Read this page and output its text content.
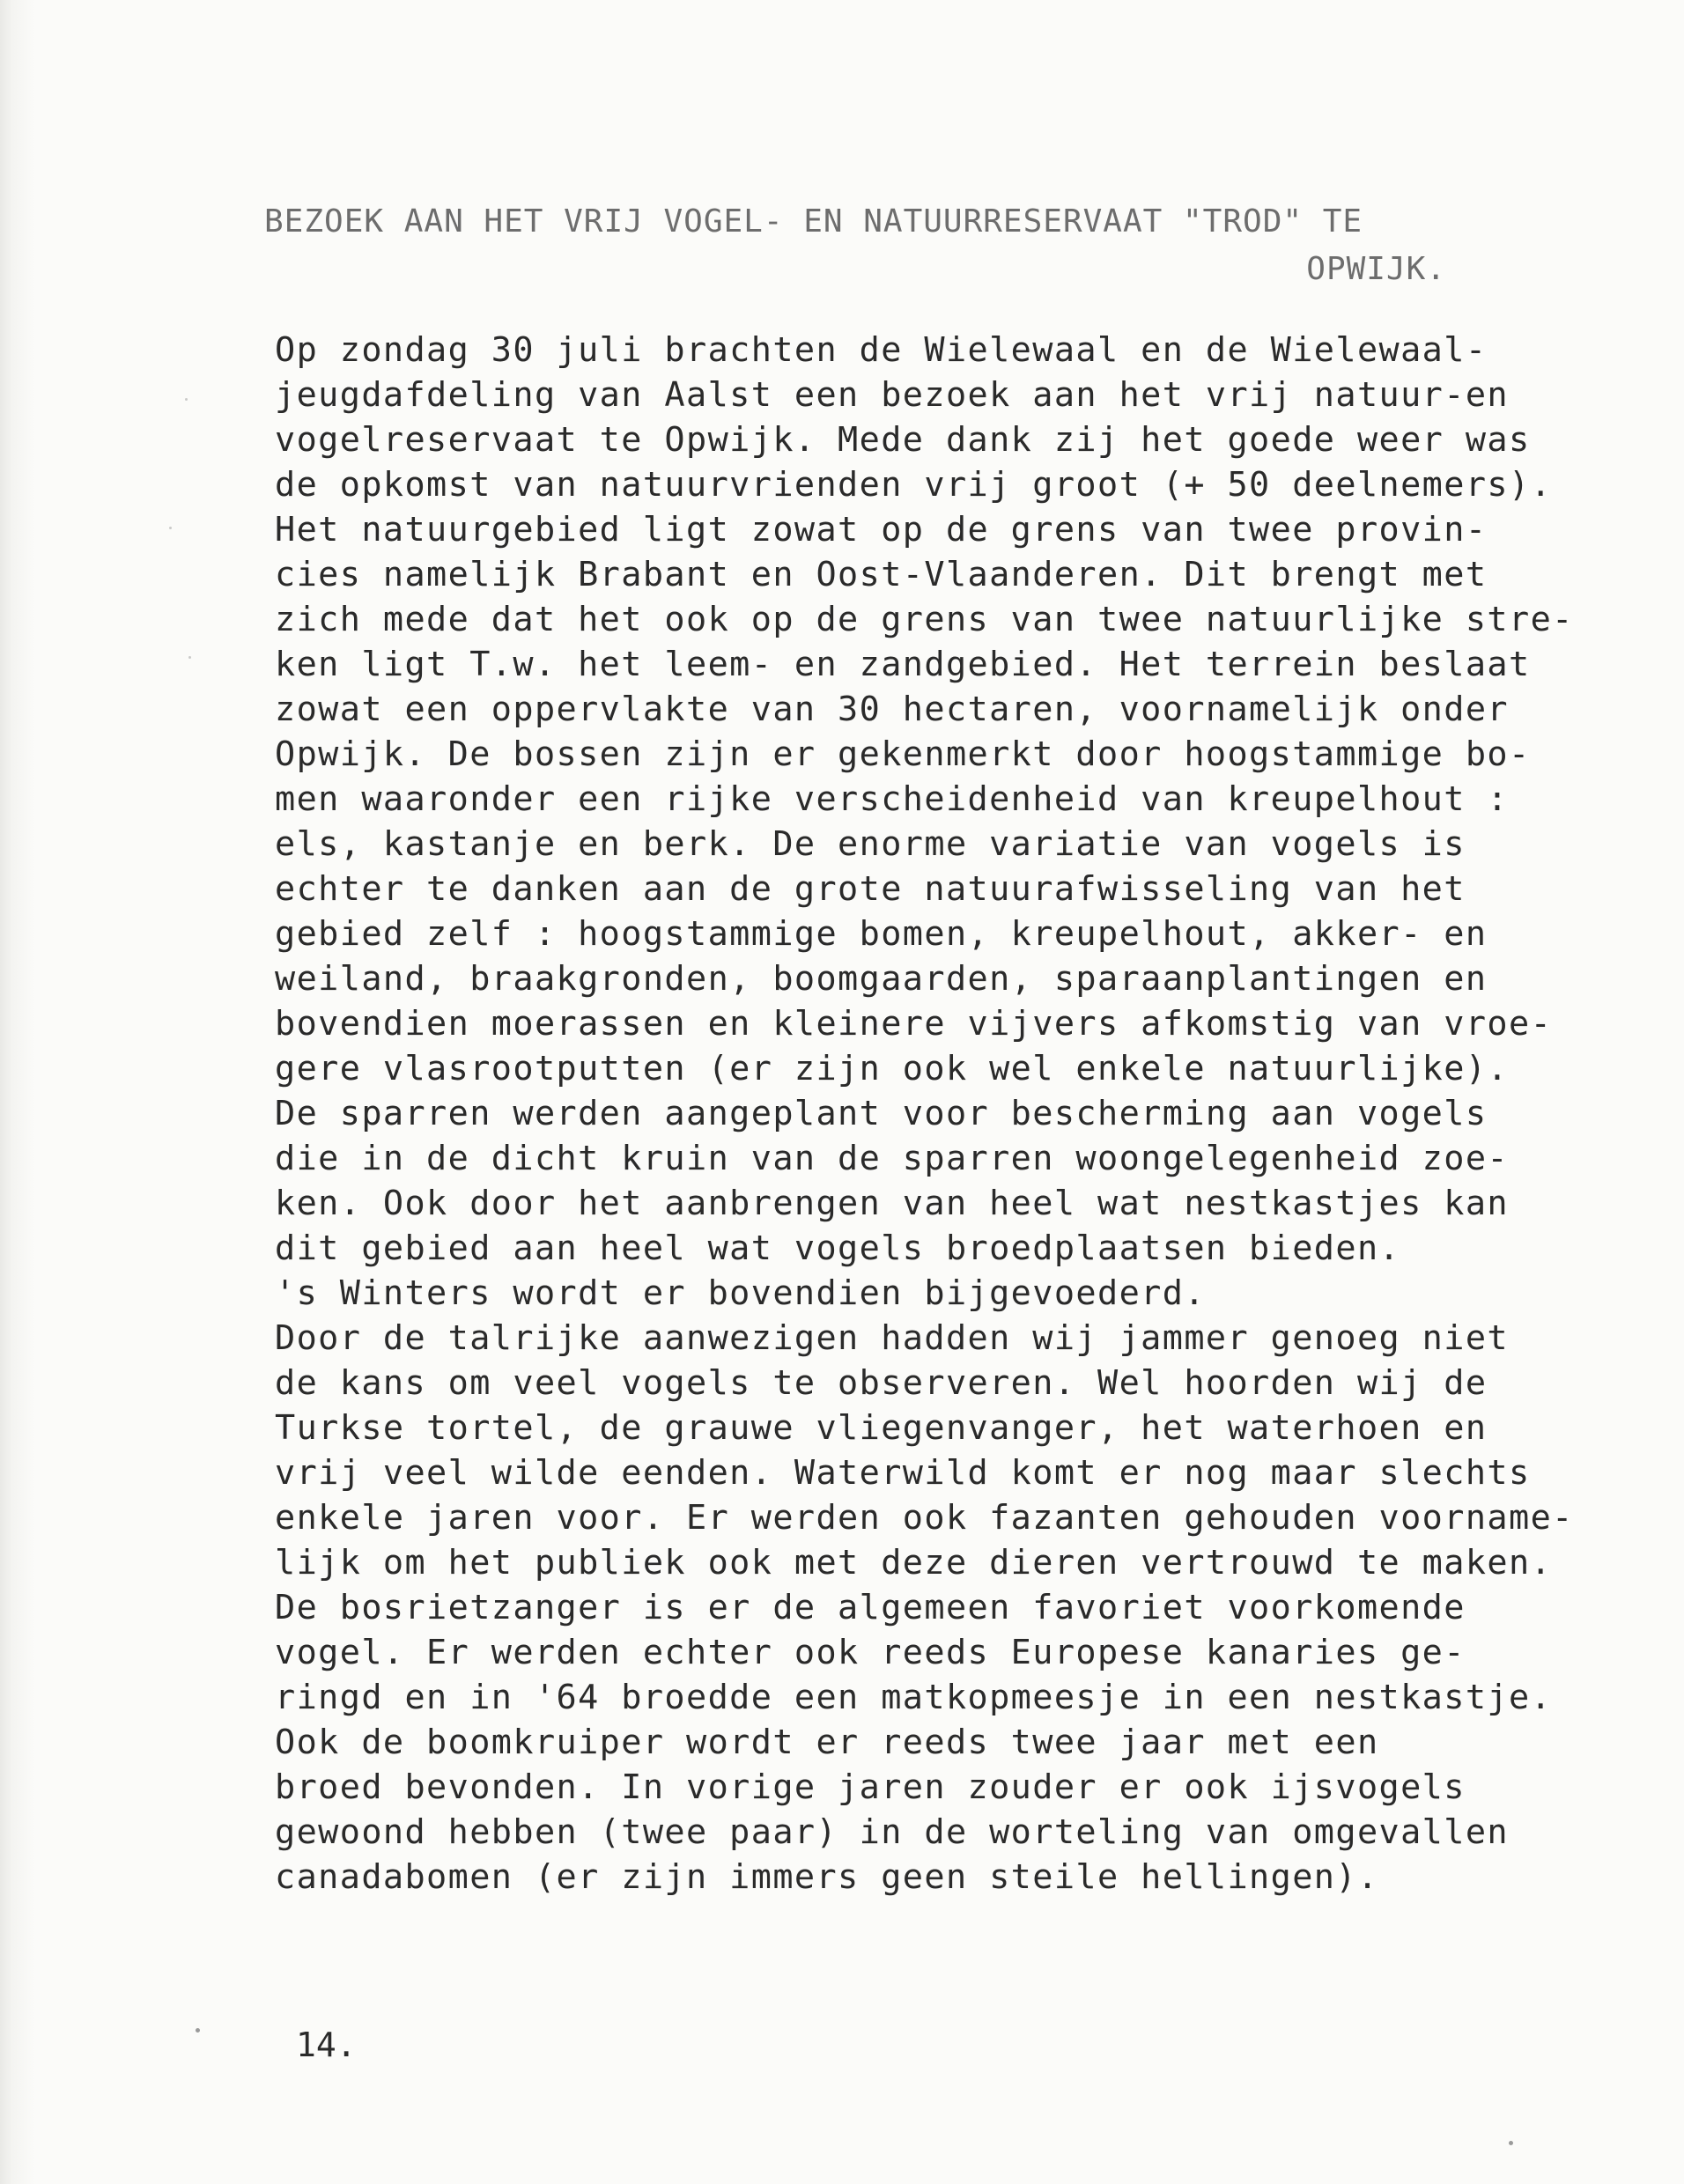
BEZOEK AAN HET VRIJ VOGEL- EN NATUURRESERVAAT "TROD" TE
OPWIJK.
Op zondag 30 juli brachten de Wielewaal en de Wielewaal-
jeugdafdeling van Aalst een bezoek aan het vrij natuur-en
vogelreservaat te Opwijk. Mede dank zij het goede weer was
de opkomst van natuurvrienden vrij groot (+ 50 deelnemers).
Het natuurgebied ligt zowat op de grens van twee provin-
cies namelijk Brabant en Oost-Vlaanderen. Dit brengt met
zich mede dat het ook op de grens van twee natuurlijke stre-
ken ligt T.w. het leem- en zandgebied. Het terrein beslaat
zowat een oppervlakte van 30 hectaren, voornamelijk onder
Opwijk. De bossen zijn er gekenmerkt door hoogstammige bo-
men waaronder een rijke verscheidenheid van kreupelhout :
els, kastanje en berk. De enorme variatie van vogels is
echter te danken aan de grote natuurafwisseling van het
gebied zelf : hoogstammige bomen, kreupelhout, akker- en
weiland, braakgronden, boomgaarden, sparaanplantingen en
bovendien moerassen en kleinere vijvers afkomstig van vroe-
gere vlasrootputten (er zijn ook wel enkele natuurlijke).
De sparren werden aangeplant voor bescherming aan vogels
die in de dicht kruin van de sparren woongelegenheid zoe-
ken. Ook door het aanbrengen van heel wat nestkastjes kan
dit gebied aan heel wat vogels broedplaatsen bieden.
's Winters wordt er bovendien bijgevoederd.
Door de talrijke aanwezigen hadden wij jammer genoeg niet
de kans om veel vogels te observeren. Wel hoorden wij de
Turkse tortel, de grauwe vliegenvanger, het waterhoen en
vrij veel wilde eenden. Waterwild komt er nog maar slechts
enkele jaren voor. Er werden ook fazanten gehouden voorname-
lijk om het publiek ook met deze dieren vertrouwd te maken.
De bosrietzanger is er de algemeen favoriet voorkomende
vogel. Er werden echter ook reeds Europese kanaries ge-
ringd en in '64 broedde een matkopmeesje in een nestkastje.
Ook de boomkruiper wordt er reeds twee jaar met een
broed bevonden. In vorige jaren zouder er ook ijsvogels
gewoond hebben (twee paar) in de worteling van omgevallen
canadabomen (er zijn immers geen steile hellingen).
14.
